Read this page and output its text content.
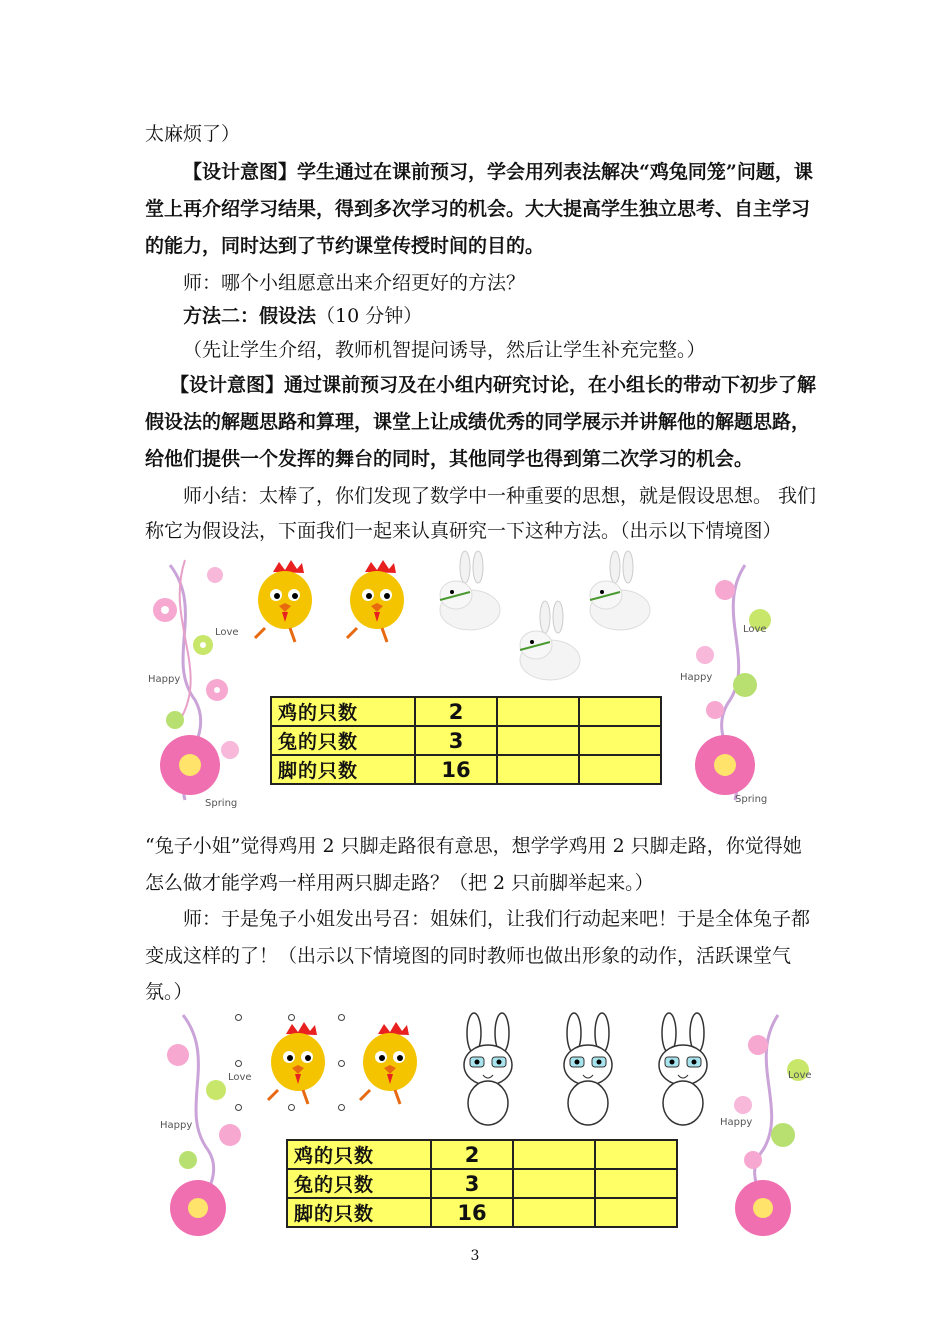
太麻烦了）
【设计意图】学生通过在课前预习，学会用列表法解决“鸡兔同笼”问题，课
堂上再介绍学习结果，得到多次学习的机会。大大提高学生独立思考、自主学习
的能力，同时达到了节约课堂传授时间的目的。
师：哪个小组愿意出来介绍更好的方法？
方法二：假设法（10 分钟）
（先让学生介绍，教师机智提问诱导，然后让学生补充完整。）
【设计意图】通过课前预习及在小组内研究讨论，在小组长的带动下初步了解
假设法的解题思路和算理，课堂上让成绩优秀的同学展示并讲解他的解题思路，
给他们提供一个发挥的舞台的同时，其他同学也得到第二次学习的机会。
师小结：太棒了，你们发现了数学中一种重要的思想，就是假设思想。 我们
称它为假设法，下面我们一起来认真研究一下这种方法。（出示以下情境图）
Love
Happy
Spring
Love
Happy
Spring
鸡的只数	2		
兔的只数	3		
脚的只数	16		
“兔子小姐”觉得鸡用 2 只脚走路很有意思，想学学鸡用 2 只脚走路，你觉得她
怎么做才能学鸡一样用两只脚走路？（把 2 只前脚举起来。）
师：于是兔子小姐发出号召：姐妹们，让我们行动起来吧！于是全体兔子都
变成这样的了！（出示以下情境图的同时教师也做出形象的动作，活跃课堂气
氛。）
Love
Happy
Love
Happy
鸡的只数	2		
兔的只数	3		
脚的只数	16		
3
